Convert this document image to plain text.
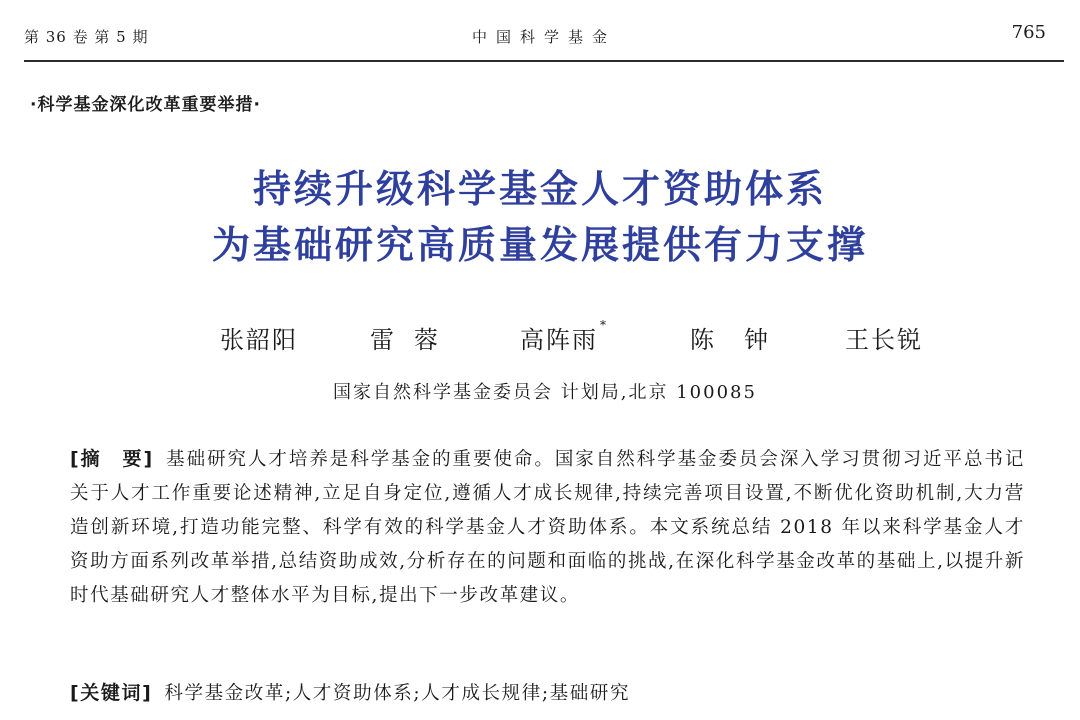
第 36 卷 第 5 期	中国科学基金	765
·科学基金深化改革重要举措·
持续升级科学基金人才资助体系
为基础研究高质量发展提供有力支撑
张韶阳	雷蓉	高阵雨*
陈钟 王长锐
国家自然科学基金委员会 计划局,北京 100085
[摘　要] 基础研究人才培养是科学基金的重要使命。国家自然科学基金委员会深入学习贯彻习近平总书记关于人才工作重要论述精神,立足自身定位,遵循人才成长规律,持续完善项目设置,不断优化资助机制,大力营造创新环境,打造功能完整、科学有效的科学基金人才资助体系。本文系统总结 2018 年以来科学基金人才资助方面系列改革举措,总结资助成效,分析存在的问题和面临的挑战,在深化科学基金改革的基础上,以提升新时代基础研究人才整体水平为目标,提出下一步改革建议。
[关键词] 科学基金改革;人才资助体系;人才成长规律;基础研究
